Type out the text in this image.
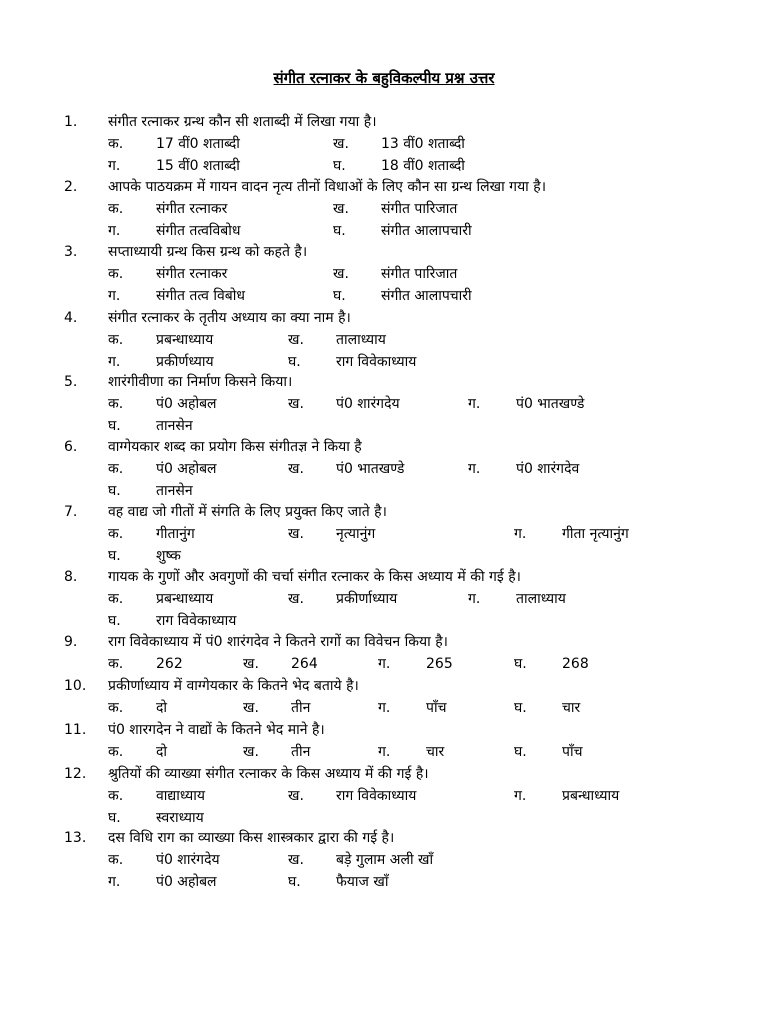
संगीत रत्नाकर के बहुविकल्पीय प्रश्न उत्तर
1.	संगीत रत्नाकर ग्रन्थ कौन सी शताब्दी में लिखा गया है।
क. 17 वीं0 शताब्दी	ख. 13 वीं0 शताब्दी
ग.	15 वीं0 शताब्दी	घ.	18 वीं0 शताब्दी
2.	आपके पाठयक्रम में गायन वादन नृत्य तीनों विधाओं के लिए कौन सा ग्रन्थ लिखा गया है।
क. संगीत रत्नाकर	ख. संगीत पारिजात
ग.	संगीत तत्वविबोध	घ.	संगीत आलापचारी
3.	सप्ताध्यायी ग्रन्थ किस ग्रन्थ को कहते है।
क. संगीत रत्नाकर	ख. संगीत पारिजात
ग.	संगीत तत्व विबोध	घ.	संगीत आलापचारी
4.	संगीत रत्नाकर के तृतीय अध्याय का क्या नाम है।
क. प्रबन्धाध्याय	ख. तालाध्याय
ग.	प्रकीर्णध्याय	घ.	राग विवेकाध्याय
5.	शारंगीवीणा का निर्माण किसने किया।
क. पं0 अहोबल	ख. पं0 शारंगदेय	ग.	पं0 भातखण्डे
घ.	तानसेन
6.	वाग्गेयकार शब्द का प्रयोग किस संगीतज्ञ ने किया है
क. पं0 अहोबल	ख. पं0 भातखण्डे	ग.	पं0 शारंगदेव
घ.	तानसेन
7.	वह वाद्य जो गीतों में संगति के लिए प्रयुक्त किए जाते है।
क. गीतानुंग	ख. नृत्यानुंग	ग.	गीता नृत्यानुंग
घ.	शुष्क
8.	गायक के गुणों और अवगुणों की चर्चा संगीत रत्नाकर के किस अध्याय में की गई है।
क. प्रबन्धाध्याय	ख. प्रकीर्णाध्याय	ग.	तालाध्याय
घ.	राग विवेकाध्याय
9.	राग विवेकाध्याय में पं0 शारंगदेव ने कितने रागों का विवेचन किया है।
क. 262	ख. 264	ग.	265	घ.	268
10.	प्रकीर्णाध्याय में वाग्गेयकार के कितने भेद बताये है।
क. दो	ख. तीन	ग.	पाँच	घ.	चार
11.	पं0 शारगदेन ने वाद्यों के कितने भेद माने है।
क. दो	ख. तीन	ग.	चार	घ.	पाँच
12.	श्रुतियों की व्याख्या संगीत रत्नाकर के किस अध्याय में की गई है।
क. वाद्याध्याय	ख. राग विवेकाध्याय	ग.	प्रबन्धाध्याय
घ.	स्वराध्याय
13.	दस विधि राग का व्याख्या किस शास्त्रकार द्वारा की गई है।
क. पं0 शारंगदेय	ख. बड़े गुलाम अली खाँ
ग.	पं0 अहोबल	घ.	फैयाज खाँ
